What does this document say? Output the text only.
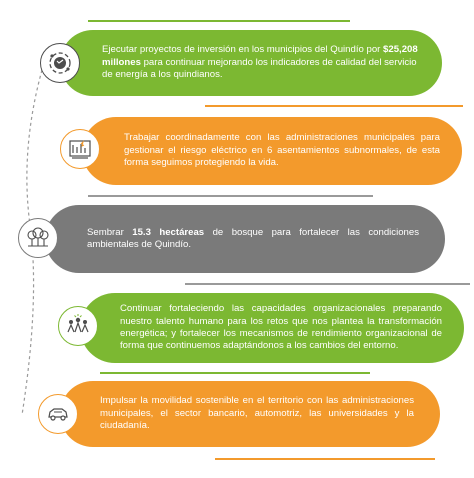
Ejecutar proyectos de inversión en los municipios del Quindío por $25,208 millones para continuar mejorando los indicadores de calidad del servicio de energía a los quindianos.

Trabajar coordinadamente con las administraciones municipales para gestionar el riesgo eléctrico en 6 asentamientos subnormales, de esta forma seguimos protegiendo la vida.

Sembrar 15.3 hectáreas de bosque para fortalecer las condiciones ambientales de Quindío.

Continuar fortaleciendo las capacidades organizacionales preparando nuestro talento humano para los retos que nos plantea la transformación energética; y fortalecer los mecanismos de rendimiento organizacional de forma que continuemos adaptándonos a los cambios del entorno.

Impulsar la movilidad sostenible en el territorio con las administraciones municipales, el sector bancario, automotriz, las universidades y la ciudadanía.
